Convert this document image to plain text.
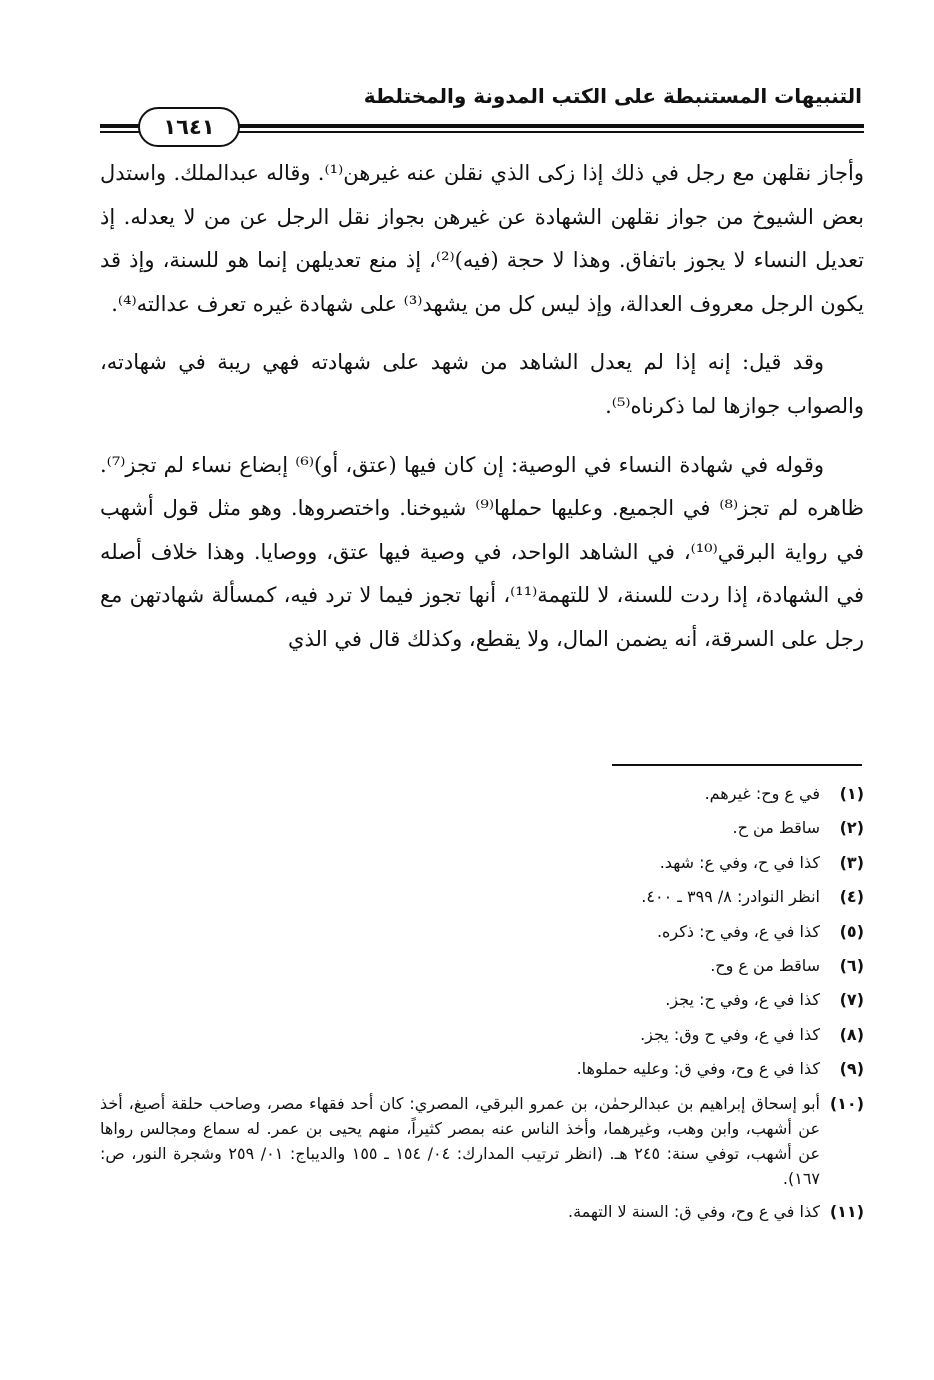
التنبيهات المستنبطة على الكتب المدونة والمختلطة
١٦٤١

وأجاز نقلهن مع رجل في ذلك إذا زكى الذي نقلن عنه غيرهن⁽¹⁾. وقاله عبدالملك. واستدل بعض الشيوخ من جواز نقلهن الشهادة عن غيرهن بجواز نقل الرجل عن من لا يعدله. إذ تعديل النساء لا يجوز باتفاق. وهذا لا حجة (فيه)⁽²⁾، إذ منع تعديلهن إنما هو للسنة، وإذ قد يكون الرجل معروف العدالة، وإذ ليس كل من يشهد⁽³⁾ على شهادة غيره تعرف عدالته⁽⁴⁾.

وقد قيل: إنه إذا لم يعدل الشاهد من شهد على شهادته فهي ريبة في شهادته، والصواب جوازها لما ذكرناه⁽⁵⁾.

وقوله في شهادة النساء في الوصية: إن كان فيها (عتق، أو)⁽⁶⁾ إبضاع نساء لم تجز⁽⁷⁾. ظاهره لم تجز⁽⁸⁾ في الجميع. وعليها حملها⁽⁹⁾ شيوخنا. واختصروها. وهو مثل قول أشهب في رواية البرقي⁽¹⁰⁾، في الشاهد الواحد، في وصية فيها عتق، ووصايا. وهذا خلاف أصله في الشهادة، إذا ردت للسنة، لا للتهمة⁽¹¹⁾، أنها تجوز فيما لا ترد فيه، كمسألة شهادتهن مع رجل على السرقة، أنه يضمن المال، ولا يقطع، وكذلك قال في الذي

(١)
في ع وح: غيرهم.
(٢)
ساقط من ح.
(٣)
كذا في ح، وفي ع: شهد.
(٤)
انظر النوادر: ٨/ ٣٩٩ ـ ٤٠٠.
(٥)
كذا في ع، وفي ح: ذكره.
(٦)
ساقط من ع وح.
(٧)
كذا في ع، وفي ح: يجز.
(٨)
كذا في ع، وفي ح وق: يجز.
(٩)
كذا في ع وح، وفي ق: وعليه حملوها.
(١٠)
أبو إسحاق إبراهيم بن عبدالرحمٰن، بن عمرو البرقي، المصري: كان أحد فقهاء مصر، وصاحب حلقة أصبغ، أخذ عن أشهب، وابن وهب، وغيرهما، وأخذ الناس عنه بمصر كثيراً، منهم يحيى بن عمر. له سماع ومجالس رواها عن أشهب، توفي سنة: ٢٤٥ هـ. (انظر ترتيب المدارك: ٠٤/ ١٥٤ ـ ١٥٥ والديباج: ٠١/ ٢٥٩ وشجرة النور، ص: ١٦٧).
(١١)
كذا في ع وح، وفي ق: السنة لا التهمة.
